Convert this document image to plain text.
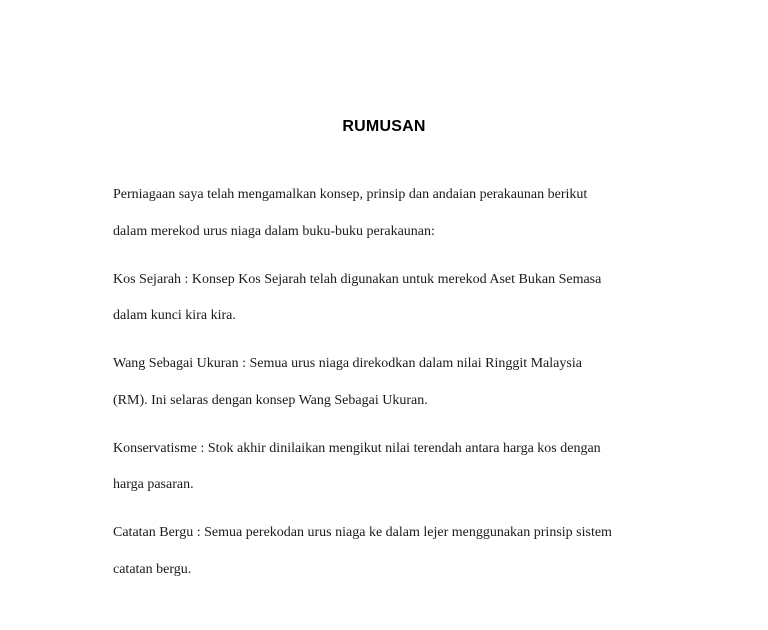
RUMUSAN
Perniagaan saya telah mengamalkan konsep, prinsip dan andaian perakaunan berikut
dalam merekod urus niaga dalam buku-buku perakaunan:
Kos Sejarah : Konsep Kos Sejarah telah digunakan untuk merekod Aset Bukan Semasa
dalam kunci kira kira.
Wang Sebagai Ukuran : Semua urus niaga direkodkan dalam nilai Ringgit Malaysia
(RM). Ini selaras dengan konsep Wang Sebagai Ukuran.
Konservatisme : Stok akhir dinilaikan mengikut nilai terendah antara harga kos dengan
harga pasaran.
Catatan Bergu : Semua perekodan urus niaga ke dalam lejer menggunakan prinsip sistem
catatan bergu.
